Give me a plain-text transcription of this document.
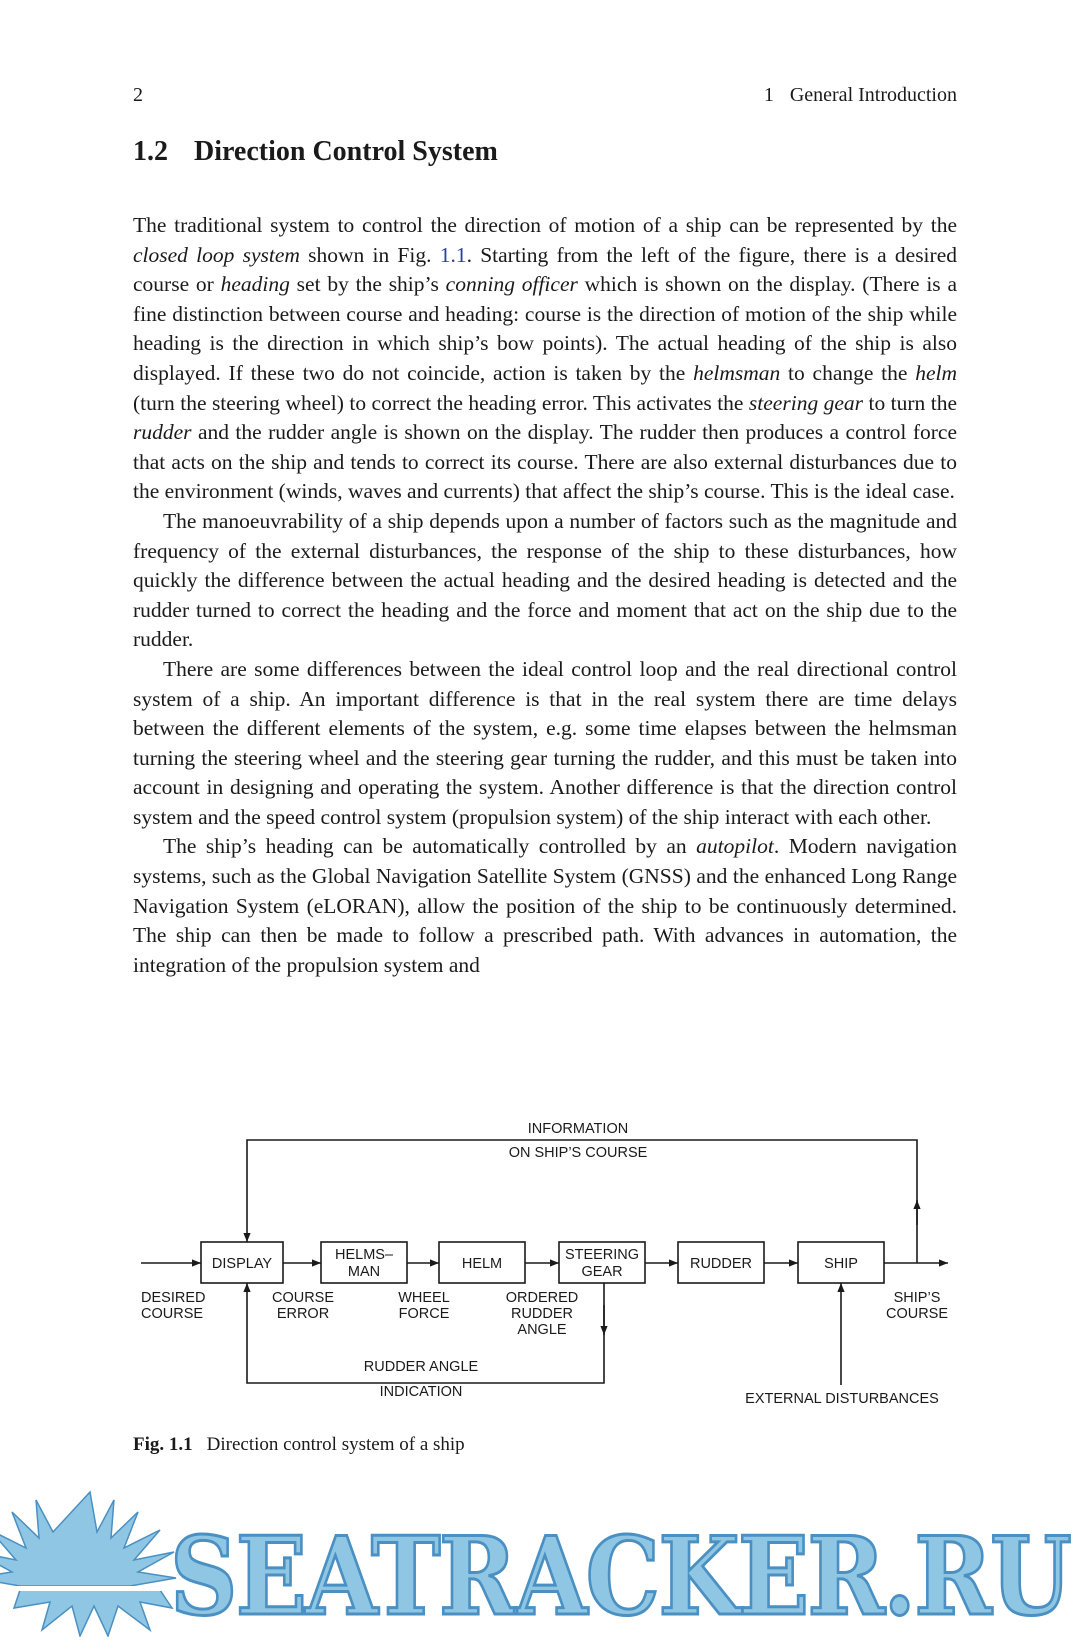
2	1 General Introduction
1.2 Direction Control System

The traditional system to control the direction of motion of a ship can be represented by the closed loop system shown in Fig. 1.1. Starting from the left of the figure, there is a desired course or heading set by the ship’s conning officer which is shown on the display. (There is a fine distinction between course and heading: course is the direction of motion of the ship while heading is the direction in which ship’s bow points). The actual heading of the ship is also displayed. If these two do not coincide, action is taken by the helmsman to change the helm (turn the steering wheel) to correct the heading error. This activates the steering gear to turn the rudder and the rudder angle is shown on the display. The rudder then produces a control force that acts on the ship and tends to correct its course. There are also external disturbances due to the environment (winds, waves and currents) that affect the ship’s course. This is the ideal case.

The manoeuvrability of a ship depends upon a number of factors such as the magnitude and frequency of the external disturbances, the response of the ship to these disturbances, how quickly the difference between the actual heading and the desired heading is detected and the rudder turned to correct the heading and the force and moment that act on the ship due to the rudder.

There are some differences between the ideal control loop and the real directional control system of a ship. An important difference is that in the real system there are time delays between the different elements of the system, e.g. some time elapses between the helmsman turning the steering wheel and the steering gear turning the rudder, and this must be taken into account in designing and operating the system. Another difference is that the direction control system and the speed control system (propulsion system) of the ship interact with each other.

The ship’s heading can be automatically controlled by an autopilot. Modern navigation systems, such as the Global Navigation Satellite System (GNSS) and the enhanced Long Range Navigation System (eLORAN), allow the position of the ship to be continuously determined. The ship can then be made to follow a prescribed path. With advances in automation, the integration of the propulsion system and

DISPLAY
HELMS–
MAN	HELM
STEERING
GEAR	RUDDER	SHIP
INFORMATION
ON SHIP’S COURSE
DESIRED
COURSE
COURSE
ERROR
WHEEL
FORCE
ORDERED
RUDDER
ANGLE
SHIP’S
COURSE
RUDDER ANGLE
INDICATION	EXTERNAL DISTURBANCES
Fig. 1.1 Direction control system of a ship
SEATRACKER.RU
